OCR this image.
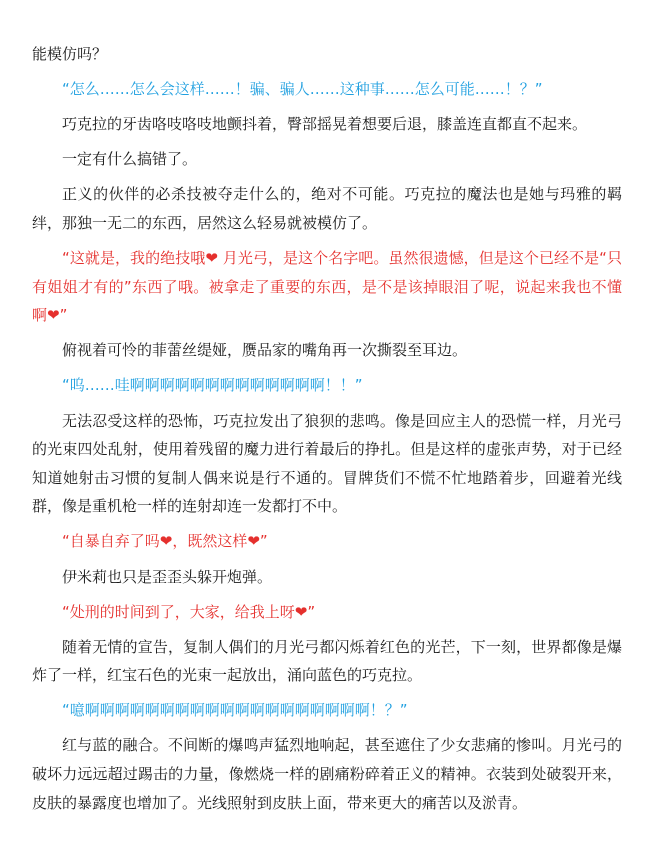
能模仿吗？

“怎么……怎么会这样……！骗、骗人……这种事……怎么可能……！？”

巧克拉的牙齿咯吱咯吱地颤抖着，臀部摇晃着想要后退，膝盖连直都直不起来。

一定有什么搞错了。

正义的伙伴的必杀技被夺走什么的，绝对不可能。巧克拉的魔法也是她与玛雅的羁绊，那独一无二的东西，居然这么轻易就被模仿了。

“这就是，我的绝技哦❤ 月光弓，是这个名字吧。虽然很遗憾，但是这个已经不是“只有姐姐才有的”东西了哦。被拿走了重要的东西，是不是该掉眼泪了呢，说起来我也不懂啊❤”

俯视着可怜的菲蕾丝缇娅，赝品家的嘴角再一次撕裂至耳边。

“呜……哇啊啊啊啊啊啊啊啊啊啊啊啊啊！！”

无法忍受这样的恐怖，巧克拉发出了狼狈的悲鸣。像是回应主人的恐慌一样，月光弓的光束四处乱射，使用着残留的魔力进行着最后的挣扎。但是这样的虚张声势，对于已经知道她射击习惯的复制人偶来说是行不通的。冒牌货们不慌不忙地踏着步，回避着光线群，像是重机枪一样的连射却连一发都打不中。

“自暴自弃了吗❤，既然这样❤”

伊米莉也只是歪歪头躲开炮弹。

“处刑的时间到了，大家，给我上呀❤”

随着无情的宣告，复制人偶们的月光弓都闪烁着红色的光芒，下一刻，世界都像是爆炸了一样，红宝石色的光束一起放出，涌向蓝色的巧克拉。

“噫啊啊啊啊啊啊啊啊啊啊啊啊啊啊啊啊啊啊啊！？”

红与蓝的融合。不间断的爆鸣声猛烈地响起，甚至遮住了少女悲痛的惨叫。月光弓的破坏力远远超过踢击的力量，像燃烧一样的剧痛粉碎着正义的精神。衣装到处破裂开来，皮肤的暴露度也增加了。光线照射到皮肤上面，带来更大的痛苦以及淤青。
